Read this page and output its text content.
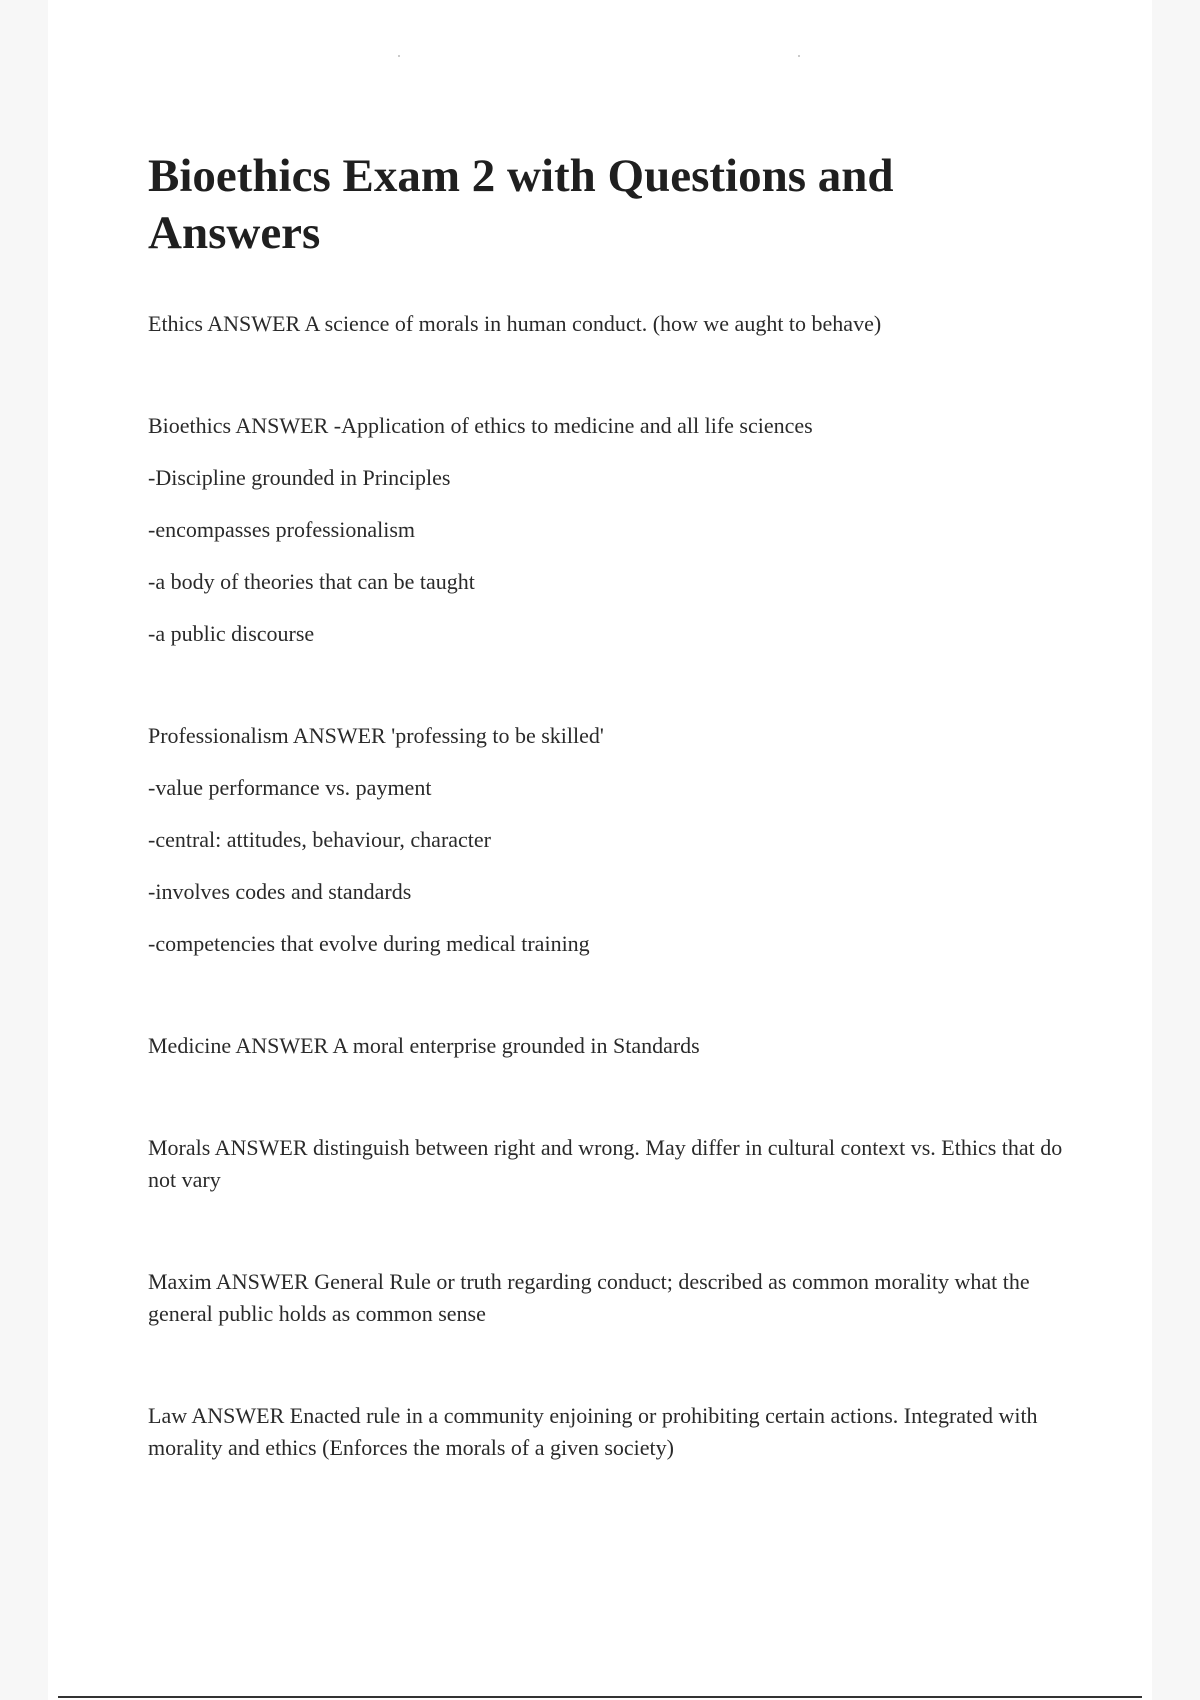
Bioethics Exam 2 with Questions and Answers
Ethics ANSWER A science of morals in human conduct. (how we aught to behave)
Bioethics ANSWER -Application of ethics to medicine and all life sciences
-Discipline grounded in Principles
-encompasses professionalism
-a body of theories that can be taught
-a public discourse
Professionalism ANSWER 'professing to be skilled'
-value performance vs. payment
-central: attitudes, behaviour, character
-involves codes and standards
-competencies that evolve during medical training
Medicine ANSWER A moral enterprise grounded in Standards
Morals ANSWER distinguish between right and wrong. May differ in cultural context vs. Ethics that do not vary
Maxim ANSWER General Rule or truth regarding conduct; described as common morality what the general public holds as common sense
Law ANSWER Enacted rule in a community enjoining or prohibiting certain actions. Integrated with morality and ethics (Enforces the morals of a given society)
